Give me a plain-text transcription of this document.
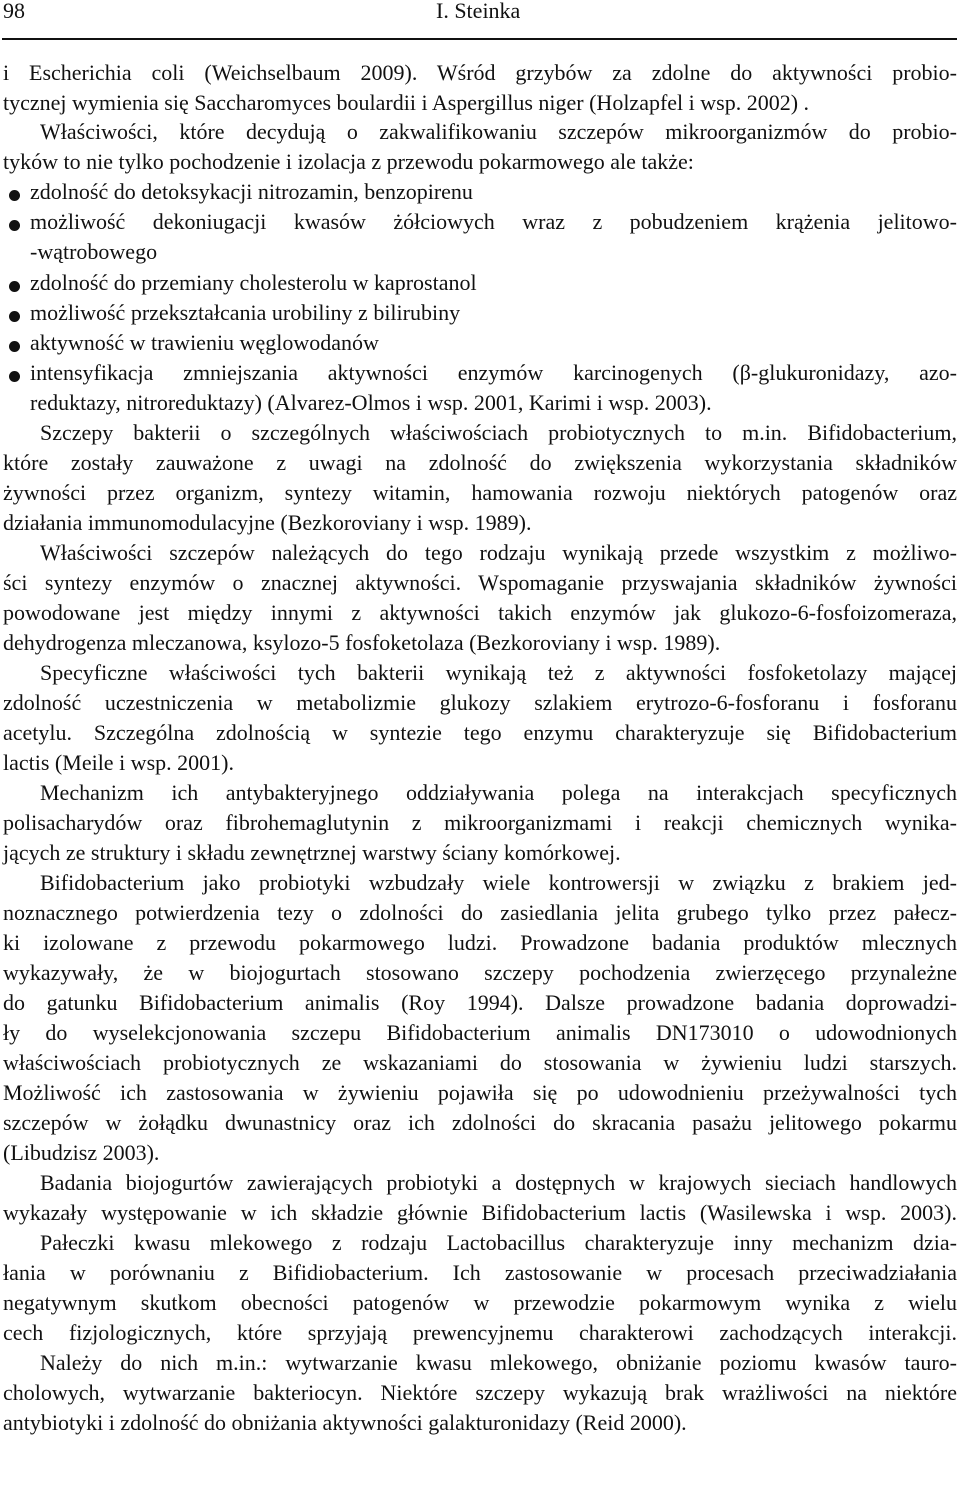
98	I. Steinka
i Escherichia coli (Weichselbaum 2009). Wśród grzybów za zdolne do aktywności probio-
tycznej wymienia się Saccharomyces boulardii i Aspergillus niger (Holzapfel i wsp. 2002) .
Właściwości, które decydują o zakwalifikowaniu szczepów mikroorganizmów do probio-
tyków to nie tylko pochodzenie i izolacja z przewodu pokarmowego ale także:
zdolność do detoksykacji nitrozamin, benzopirenu
możliwość dekoniugacji kwasów żółciowych wraz z pobudzeniem krążenia jelitowo-
-wątrobowego
zdolność do przemiany cholesterolu w kaprostanol
możliwość przekształcania urobiliny z bilirubiny
aktywność w trawieniu węglowodanów
intensyfikacja zmniejszania aktywności enzymów karcinogenych (β-glukuronidazy, azo-
reduktazy, nitroreduktazy) (Alvarez-Olmos i wsp. 2001, Karimi i wsp. 2003).
Szczepy bakterii o szczególnych właściwościach probiotycznych to m.in. Bifidobacterium,
które zostały zauważone z uwagi na zdolność do zwiększenia wykorzystania składników
żywności przez organizm, syntezy witamin, hamowania rozwoju niektórych patogenów oraz
działania immunomodulacyjne (Bezkoroviany i wsp. 1989).
Właściwości szczepów należących do tego rodzaju wynikają przede wszystkim z możliwo-
ści syntezy enzymów o znacznej aktywności. Wspomaganie przyswajania składników żywności
powodowane jest między innymi z aktywności takich enzymów jak glukozo-6-fosfoizomeraza,
dehydrogenza mleczanowa, ksylozo-5 fosfoketolaza (Bezkoroviany i wsp. 1989).
Specyficzne właściwości tych bakterii wynikają też z aktywności fosfoketolazy mającej
zdolność uczestniczenia w metabolizmie glukozy szlakiem erytrozo-6-fosforanu i fosforanu
acetylu. Szczególna zdolnością w syntezie tego enzymu charakteryzuje się Bifidobacterium
lactis (Meile i wsp. 2001).
Mechanizm ich antybakteryjnego oddziaływania polega na interakcjach specyficznych
polisacharydów oraz fibrohemaglutynin z mikroorganizmami i reakcji chemicznych wynika-
jących ze struktury i składu zewnętrznej warstwy ściany komórkowej.
Bifidobacterium jako probiotyki wzbudzały wiele kontrowersji w związku z brakiem jed-
noznacznego potwierdzenia tezy o zdolności do zasiedlania jelita grubego tylko przez pałecz-
ki izolowane z przewodu pokarmowego ludzi. Prowadzone badania produktów mlecznych
wykazywały, że w biojogurtach stosowano szczepy pochodzenia zwierzęcego przynależne
do gatunku Bifidobacterium animalis (Roy 1994). Dalsze prowadzone badania doprowadzi-
ły do wyselekcjonowania szczepu Bifidobacterium animalis DN173010 o udowodnionych
właściwościach probiotycznych ze wskazaniami do stosowania w żywieniu ludzi starszych.
Możliwość ich zastosowania w żywieniu pojawiła się po udowodnieniu przeżywalności tych
szczepów w żołądku dwunastnicy oraz ich zdolności do skracania pasażu jelitowego pokarmu
(Libudzisz 2003).
Badania biojogurtów zawierających probiotyki a dostępnych w krajowych sieciach handlowych
wykazały występowanie w ich składzie głównie Bifidobacterium lactis (Wasilewska i wsp. 2003).
Pałeczki kwasu mlekowego z rodzaju Lactobacillus charakteryzuje inny mechanizm dzia-
łania w porównaniu z Bifidiobacterium. Ich zastosowanie w procesach przeciwadziałania
negatywnym skutkom obecności patogenów w przewodzie pokarmowym wynika z wielu
cech fizjologicznych, które sprzyjają prewencyjnemu charakterowi zachodzących interakcji.
Należy do nich m.in.: wytwarzanie kwasu mlekowego, obniżanie poziomu kwasów tauro-
cholowych, wytwarzanie bakteriocyn. Niektóre szczepy wykazują brak wrażliwości na niektóre
antybiotyki i zdolność do obniżania aktywności galakturonidazy (Reid 2000).
